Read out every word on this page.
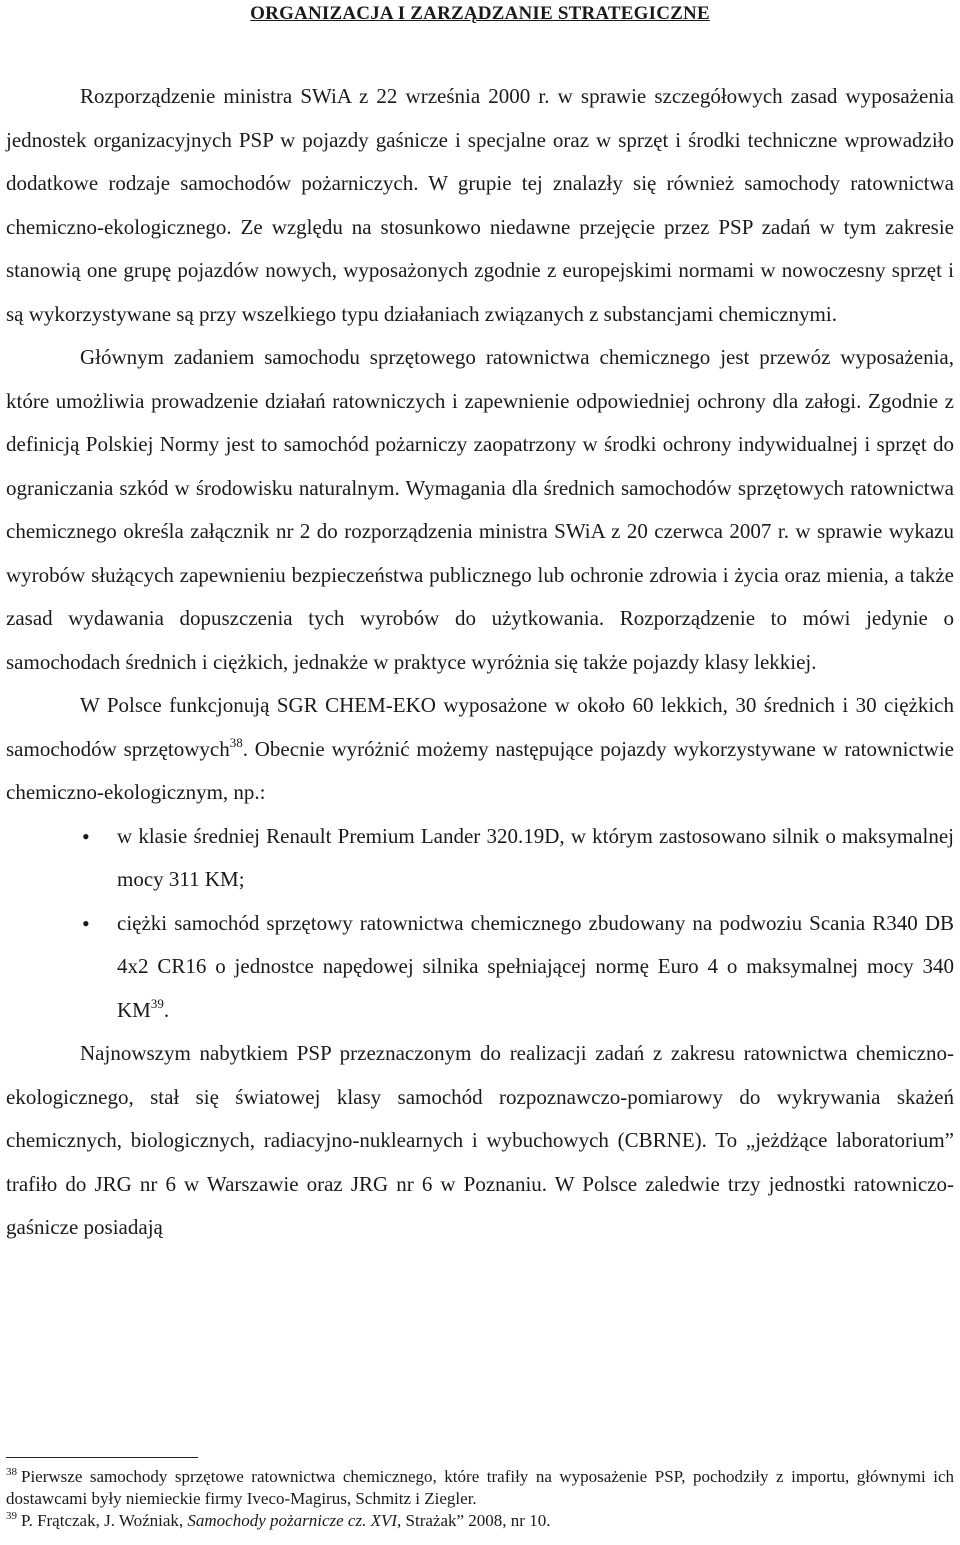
ORGANIZACJA I ZARZĄDZANIE STRATEGICZNE

Rozporządzenie ministra SWiA z 22 września 2000 r. w sprawie szczegółowych zasad wyposażenia jednostek organizacyjnych PSP w pojazdy gaśnicze i specjalne oraz w sprzęt i środki techniczne wprowadziło dodatkowe rodzaje samochodów pożarniczych. W grupie tej znalazły się również samochody ratownictwa chemiczno-ekologicznego. Ze względu na stosunkowo niedawne przejęcie przez PSP zadań w tym zakresie stanowią one grupę pojazdów nowych, wyposażonych zgodnie z europejskimi normami w nowoczesny sprzęt i są wykorzystywane są przy wszelkiego typu działaniach związanych z substancjami chemicznymi.

Głównym zadaniem samochodu sprzętowego ratownictwa chemicznego jest przewóz wyposażenia, które umożliwia prowadzenie działań ratowniczych i zapewnienie odpowiedniej ochrony dla załogi. Zgodnie z definicją Polskiej Normy jest to samochód pożarniczy zaopatrzony w środki ochrony indywidualnej i sprzęt do ograniczania szkód w środowisku naturalnym. Wymagania dla średnich samochodów sprzętowych ratownictwa chemicznego określa załącznik nr 2 do rozporządzenia ministra SWiA z 20 czerwca 2007 r. w sprawie wykazu wyrobów służących zapewnieniu bezpieczeństwa publicznego lub ochronie zdrowia i życia oraz mienia, a także zasad wydawania dopuszczenia tych wyrobów do użytkowania. Rozporządzenie to mówi jedynie o samochodach średnich i ciężkich, jednakże w praktyce wyróżnia się także pojazdy klasy lekkiej.

W Polsce funkcjonują SGR CHEM-EKO wyposażone w około 60 lekkich, 30 średnich i 30 ciężkich samochodów sprzętowych$^{38}$. Obecnie wyróżnić możemy następujące pojazdy wykorzystywane w ratownictwie chemiczno-ekologicznym, np.:

• w klasie średniej Renault Premium Lander 320.19D, w którym zastosowano silnik o maksymalnej mocy 311 KM;
• ciężki samochód sprzętowy ratownictwa chemicznego zbudowany na podwoziu Scania R340 DB 4x2 CR16 o jednostce napędowej silnika spełniającej normę Euro 4 o maksymalnej mocy 340 KM$^{39}$.

Najnowszym nabytkiem PSP przeznaczonym do realizacji zadań z zakresu ratownictwa chemiczno-ekologicznego, stał się światowej klasy samochód rozpoznawczo-pomiarowy do wykrywania skażeń chemicznych, biologicznych, radiacyjno-nuklearnych i wybuchowych (CBRNE). To „jeżdżące laboratorium” trafiło do JRG nr 6 w Warszawie oraz JRG nr 6 w Poznaniu. W Polsce zaledwie trzy jednostki ratowniczo-gaśnicze posiadają

$^{38}$ Pierwsze samochody sprzętowe ratownictwa chemicznego, które trafiły na wyposażenie PSP, pochodziły z importu, głównymi ich dostawcami były niemieckie firmy Iveco-Magirus, Schmitz i Ziegler.

$^{39}$ P. Frątczak, J. Woźniak, Samochody pożarnicze cz. XVI, Strażak” 2008, nr 10.
